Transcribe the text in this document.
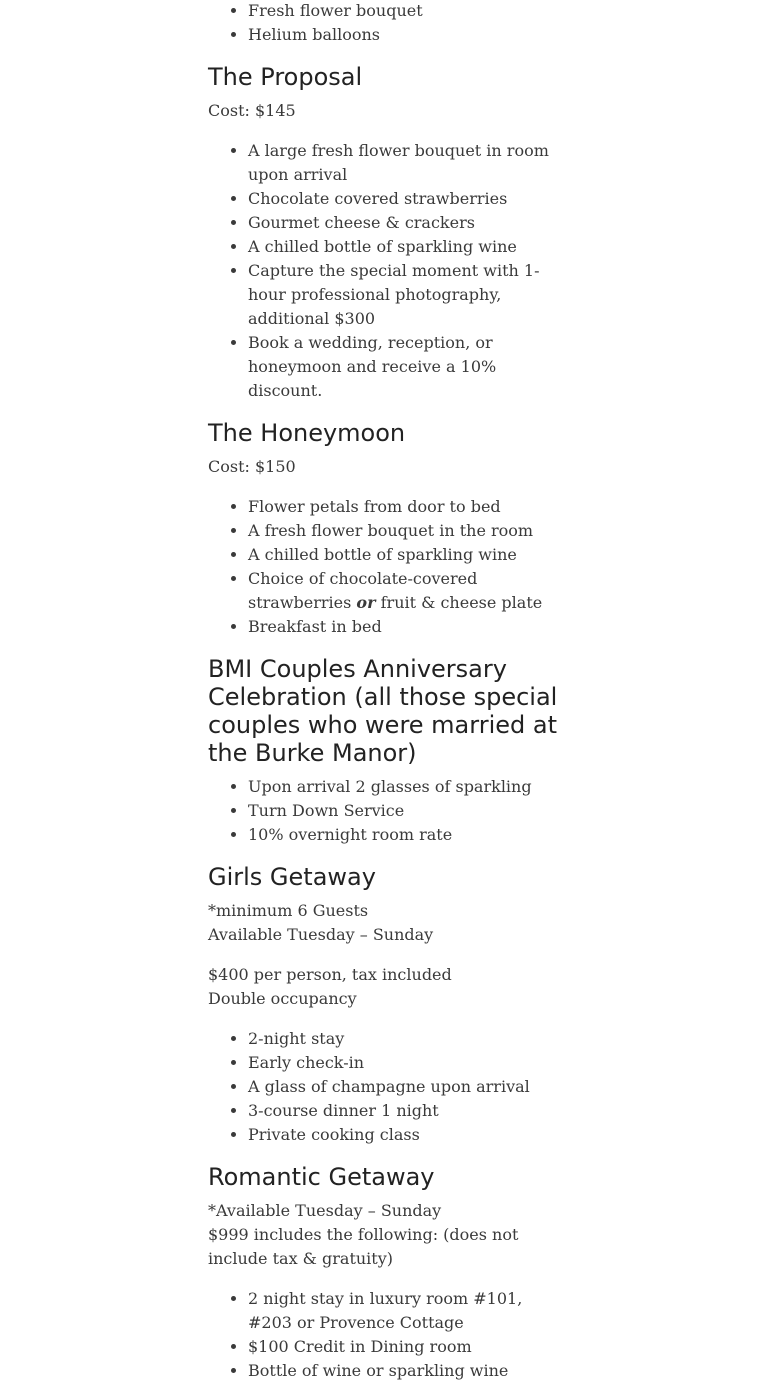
• Fresh flower bouquet
• Helium balloons
The Proposal

Cost: $145

• A large fresh flower bouquet in room upon arrival
• Chocolate covered strawberries
• Gourmet cheese & crackers
• A chilled bottle of sparkling wine
• Capture the special moment with 1-hour professional photography, additional $300
• Book a wedding, reception, or honeymoon and receive a 10% discount.
The Honeymoon

Cost: $150

• Flower petals from door to bed
• A fresh flower bouquet in the room
• A chilled bottle of sparkling wine
• Choice of chocolate-covered strawberries or fruit & cheese plate
• Breakfast in bed
BMI Couples Anniversary Celebration (all those special couples who were married at the Burke Manor)
• Upon arrival 2 glasses of sparkling
• Turn Down Service
• 10% overnight room rate
Girls Getaway

*minimum 6 Guests
Available Tuesday – Sunday

$400 per person, tax included
Double occupancy

• 2-night stay
• Early check-in
• A glass of champagne upon arrival
• 3-course dinner 1 night
• Private cooking class
Romantic Getaway

*Available Tuesday – Sunday
$999 includes the following: (does not include tax & gratuity)

• 2 night stay in luxury room #101, #203 or Provence Cottage
• $100 Credit in Dining room
• Bottle of wine or sparkling wine
